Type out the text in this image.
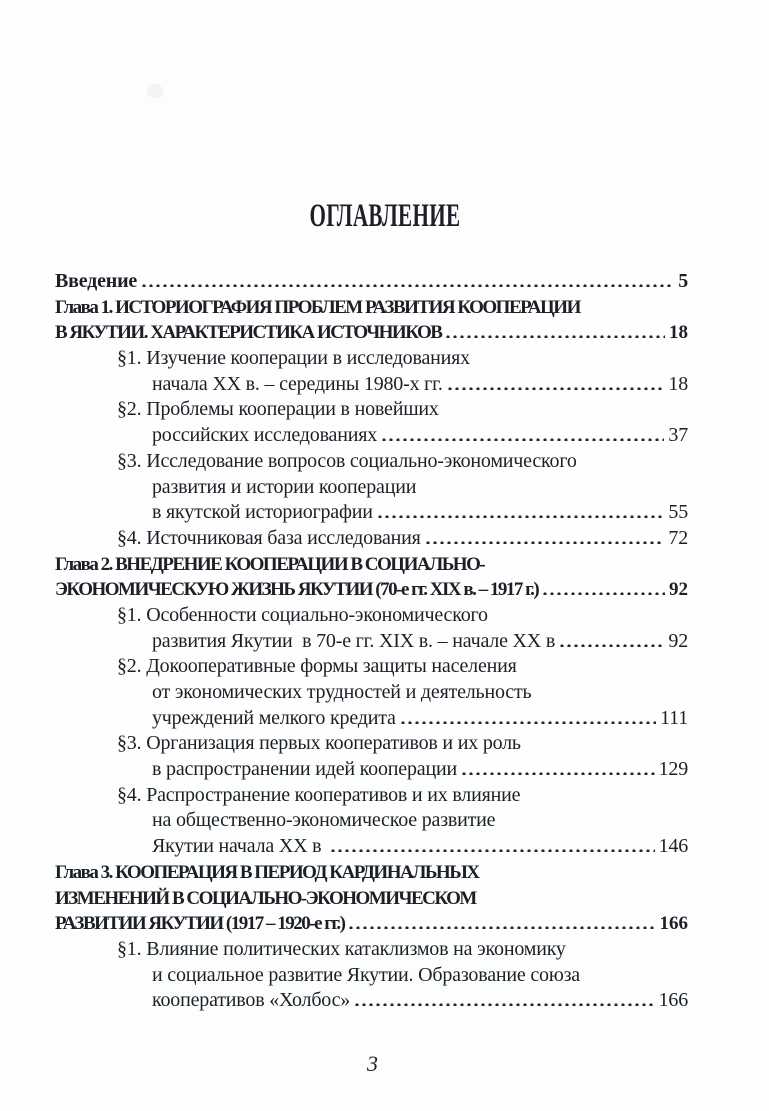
ОГЛАВЛЕНИЕ
Введение	5
Глава 1. ИСТОРИОГРАФИЯ ПРОБЛЕМ РАЗВИТИЯ КООПЕРАЦИИ
В ЯКУТИИ. ХАРАКТЕРИСТИКА ИСТОЧНИКОВ	18
§1. Изучение кооперации в исследованиях
начала XX в. – середины 1980-х гг.	18
§2. Проблемы кооперации в новейших
российских исследованиях	37
§3. Исследование вопросов социально-экономического
развития и истории кооперации
в якутской историографии	55
§4. Источниковая база исследования	72
Глава 2. ВНЕДРЕНИЕ КООПЕРАЦИИ В СОЦИАЛЬНО-
ЭКОНОМИЧЕСКУЮ ЖИЗНЬ ЯКУТИИ (70-е гг. XIX в. – 1917 г.)	92
§1. Особенности социально-экономического
развития Якутии  в 70-е гг. XIX в. – начале XX в	92
§2. Докооперативные формы защиты населения
от экономических трудностей и деятельность
учреждений мелкого кредита	111
§3. Организация первых кооперативов и их роль
в распространении идей кооперации	129
§4. Распространение кооперативов и их влияние
на общественно-экономическое развитие
Якутии начала XX в	146
Глава 3. КООПЕРАЦИЯ В ПЕРИОД КАРДИНАЛЬНЫХ
ИЗМЕНЕНИЙ В СОЦИАЛЬНО-ЭКОНОМИЧЕСКОМ
РАЗВИТИИ ЯКУТИИ (1917 – 1920-е гг.)	166
§1. Влияние политических катаклизмов на экономику
и социальное развитие Якутии. Образование союза
кооперативов «Холбос»	166
3
